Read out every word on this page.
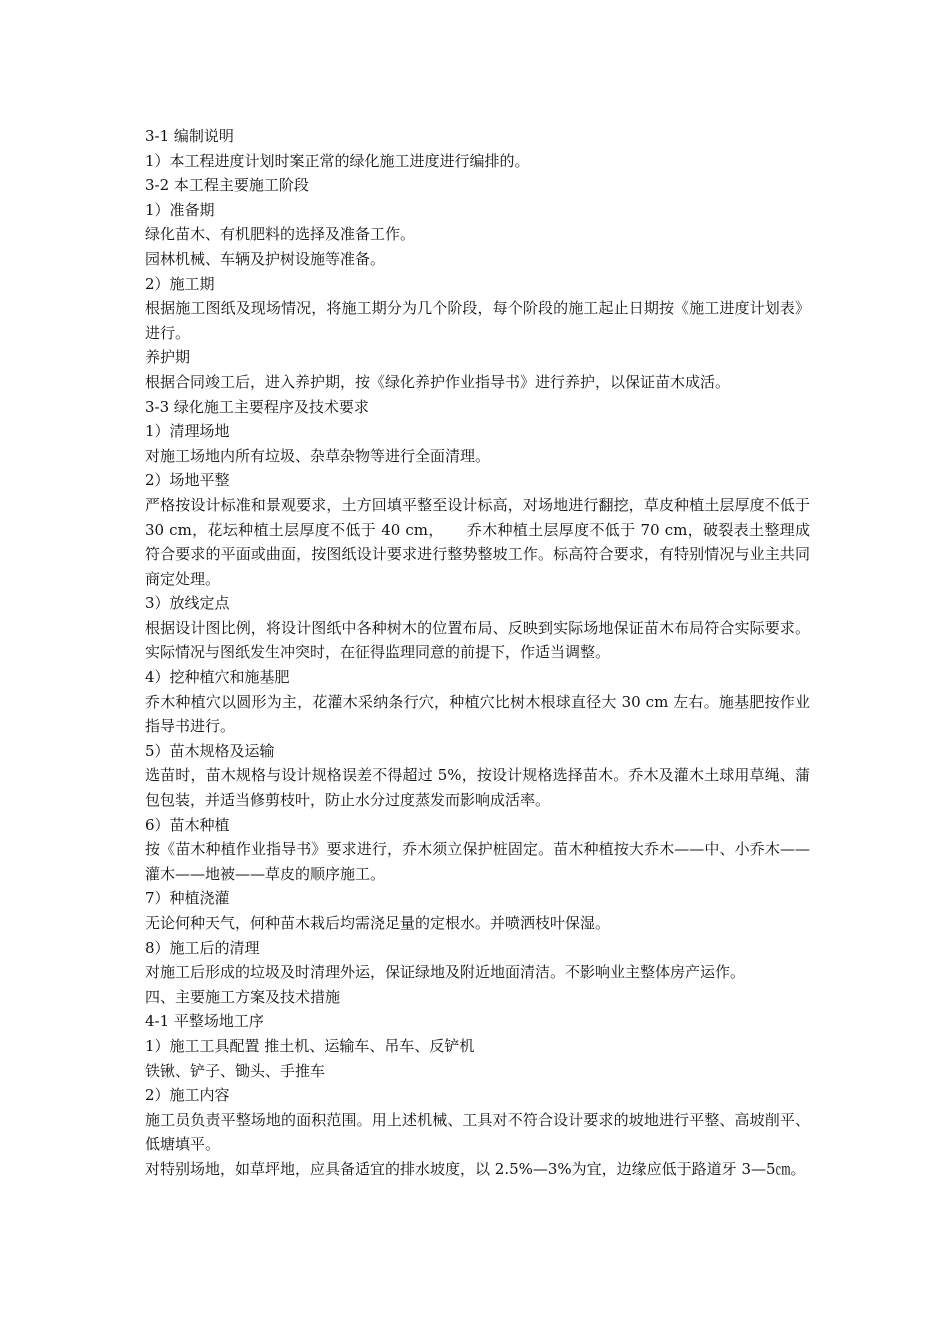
3-1 编制说明

1）本工程进度计划时案正常的绿化施工进度进行编排的。

3-2 本工程主要施工阶段

1）准备期

绿化苗木、有机肥料的选择及准备工作。

园林机械、车辆及护树设施等准备。

2）施工期

根据施工图纸及现场情况，将施工期分为几个阶段，每个阶段的施工起止日期按《施工进度计划表》进行。

养护期

根据合同竣工后，进入养护期，按《绿化养护作业指导书》进行养护，以保证苗木成活。

3-3 绿化施工主要程序及技术要求

1）清理场地

对施工场地内所有垃圾、杂草杂物等进行全面清理。

2）场地平整

严格按设计标准和景观要求，土方回填平整至设计标高，对场地进行翻挖，草皮种植土层厚度不低于 30 cm，花坛种植土层厚度不低于 40 cm，　　乔木种植土层厚度不低于 70 cm，破裂表土整理成符合要求的平面或曲面，按图纸设计要求进行整势整坡工作。标高符合要求，有特别情况与业主共同商定处理。

3）放线定点

根据设计图比例，将设计图纸中各种树木的位置布局、反映到实际场地保证苗木布局符合实际要求。实际情况与图纸发生冲突时，在征得监理同意的前提下，作适当调整。

4）挖种植穴和施基肥

乔木种植穴以圆形为主，花灌木采纳条行穴，种植穴比树木根球直径大 30 cm 左右。施基肥按作业指导书进行。

5）苗木规格及运输

选苗时，苗木规格与设计规格误差不得超过 5%，按设计规格选择苗木。乔木及灌木土球用草绳、蒲包包装，并适当修剪枝叶，防止水分过度蒸发而影响成活率。

6）苗木种植

按《苗木种植作业指导书》要求进行，乔木须立保护桩固定。苗木种植按大乔木——中、小乔木——灌木——地被——草皮的顺序施工。

7）种植浇灌

无论何种天气，何种苗木栽后均需浇足量的定根水。并喷洒枝叶保湿。

8）施工后的清理

对施工后形成的垃圾及时清理外运，保证绿地及附近地面清洁。不影响业主整体房产运作。

四、主要施工方案及技术措施

4-1 平整场地工序

1）施工工具配置 推土机、运输车、吊车、反铲机

铁锹、铲子、锄头、手推车

2）施工内容

施工员负责平整场地的面积范围。用上述机械、工具对不符合设计要求的坡地进行平整、高坡削平、低塘填平。

对特别场地，如草坪地，应具备适宜的排水坡度，以 2.5%—3%为宜，边缘应低于路道牙 3—5㎝。
